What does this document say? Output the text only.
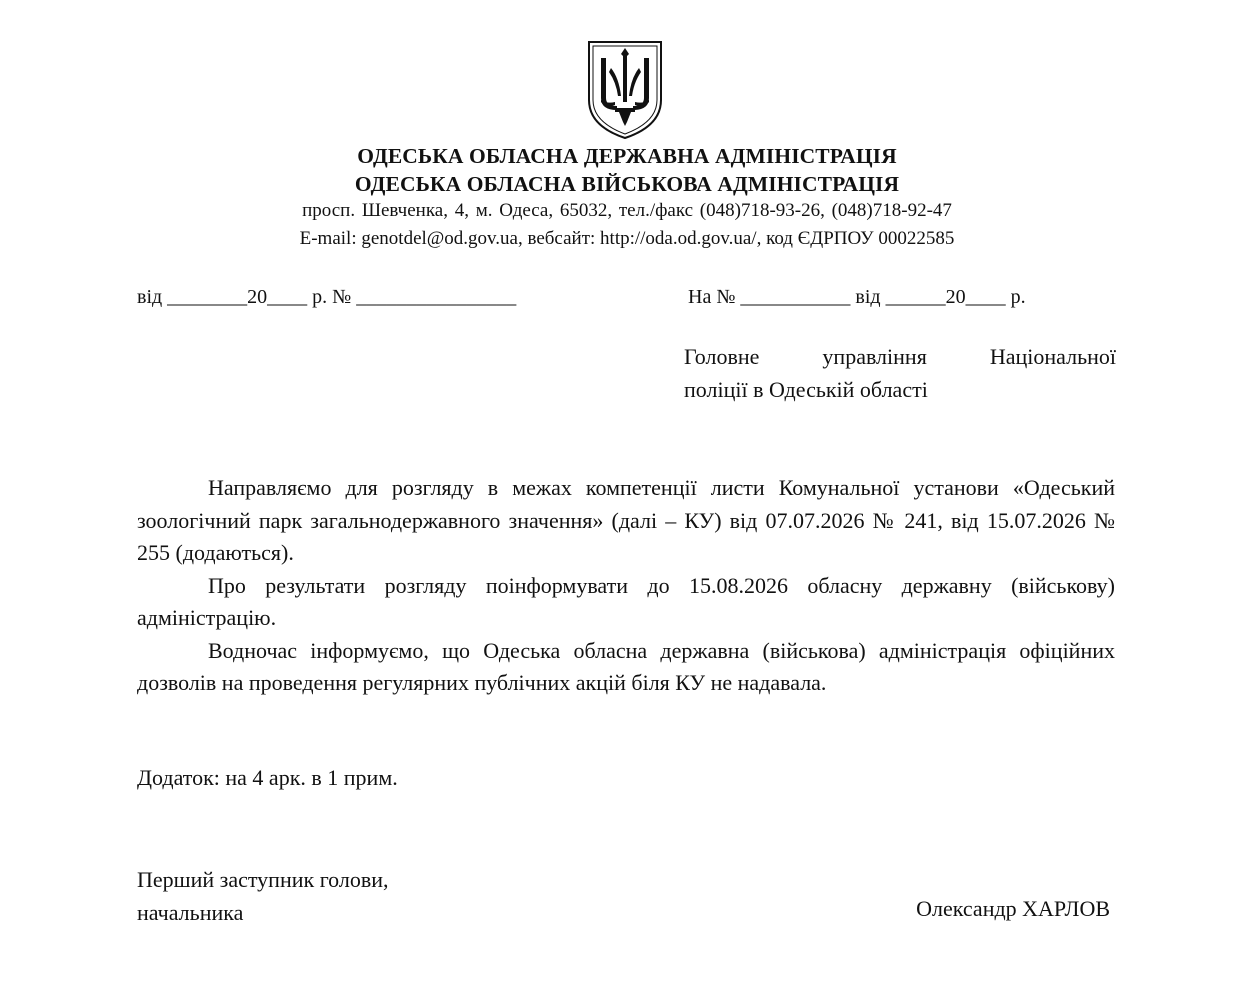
ОДЕСЬКА ОБЛАСНА ДЕРЖАВНА АДМІНІСТРАЦІЯ
ОДЕСЬКА ОБЛАСНА ВІЙСЬКОВА АДМІНІСТРАЦІЯ
просп. Шевченка, 4, м. Одеса, 65032, тел./факс (048)718-93-26, (048)718-92-47
E-mail: genotdel@od.gov.ua, вебсайт: http://oda.od.gov.ua/, код ЄДРПОУ 00022585
від ________20____ р. № ________________	На № ___________ від ______20____ р.
Головне управління Національної
поліції в Одеській області

Направляємо для розгляду в межах компетенції листи Комунальної установи «Одеський зоологічний парк загальнодержавного значення» (далі – КУ) від 07.07.2026 № 241, від 15.07.2026 № 255 (додаються).

Про результати розгляду поінформувати до 15.08.2026 обласну державну (військову) адміністрацію.

Водночас інформуємо, що Одеська обласна державна (військова) адміністрація офіційних дозволів на проведення регулярних публічних акцій біля КУ не надавала.

Додаток: на 4 арк. в 1 прим.
Перший заступник голови,
начальника	Олександр ХАРЛОВ
